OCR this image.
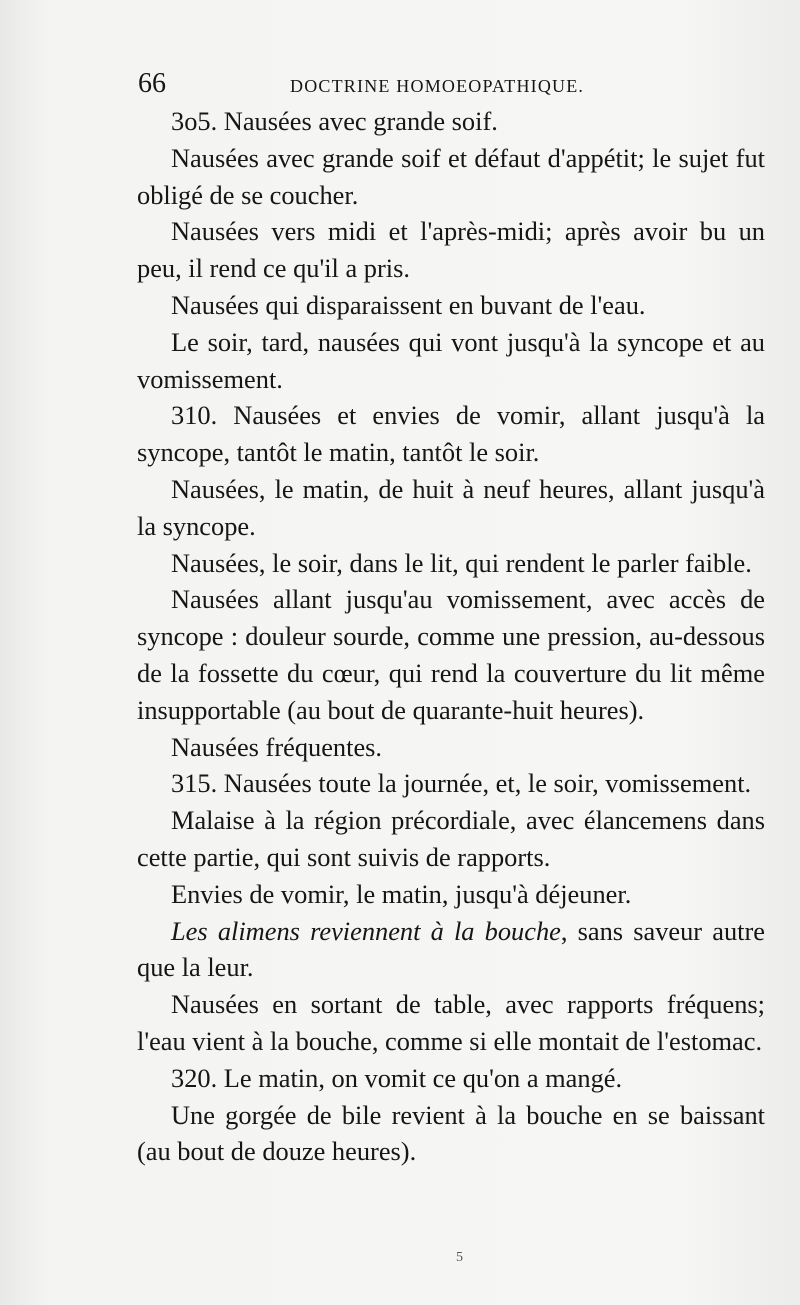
66	DOCTRINE HOMOEOPATHIQUE.

3o5. Nausées avec grande soif.

Nausées avec grande soif et défaut d'appétit; le sujet fut obligé de se coucher.

Nausées vers midi et l'après-midi; après avoir bu un peu, il rend ce qu'il a pris.

Nausées qui disparaissent en buvant de l'eau.

Le soir, tard, nausées qui vont jusqu'à la syncope et au vomissement.

310. Nausées et envies de vomir, allant jusqu'à la syncope, tantôt le matin, tantôt le soir.

Nausées, le matin, de huit à neuf heures, allant jusqu'à la syncope.

Nausées, le soir, dans le lit, qui rendent le parler faible.

Nausées allant jusqu'au vomissement, avec accès de syncope : douleur sourde, comme une pression, au-dessous de la fossette du cœur, qui rend la couverture du lit même insupportable (au bout de quarante-huit heures).

Nausées fréquentes.

315. Nausées toute la journée, et, le soir, vomissement.

Malaise à la région précordiale, avec élancemens dans cette partie, qui sont suivis de rapports.

Envies de vomir, le matin, jusqu'à déjeuner.

Les alimens reviennent à la bouche, sans saveur autre que la leur.

Nausées en sortant de table, avec rapports fréquens; l'eau vient à la bouche, comme si elle montait de l'estomac.

320. Le matin, on vomit ce qu'on a mangé.

Une gorgée de bile revient à la bouche en se baissant (au bout de douze heures).

5
